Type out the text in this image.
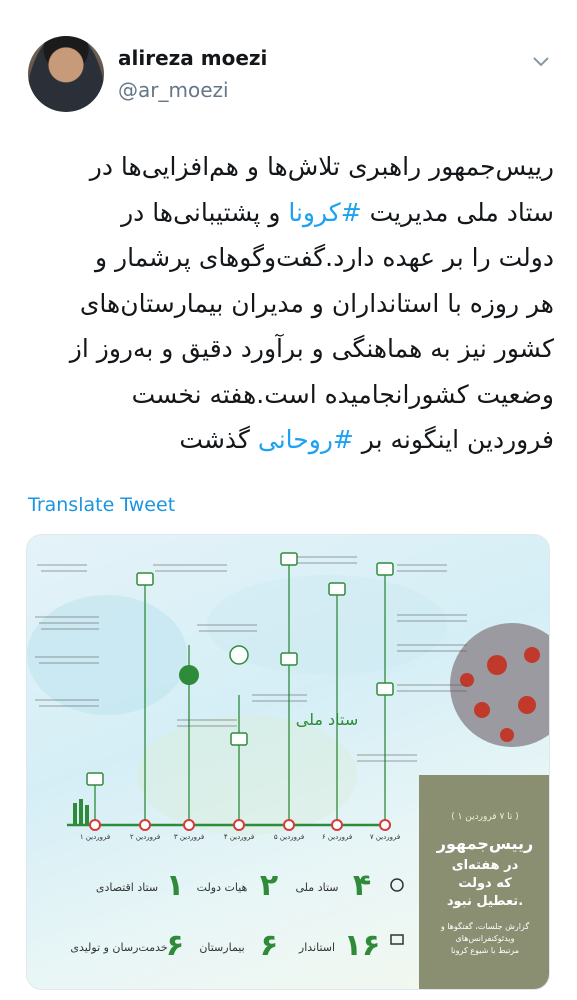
alireza moezi
@ar_moezi
رییس‌جمهور راهبری تلاش‌ها و هم‌افزایی‌ها در
ستاد ملی مدیریت #کرونا و پشتیبانی‌ها در
دولت را بر عهده دارد.گفت‌وگوهای پرشمار و
هر روزه با استانداران و مدیران بیمارستان‌های
کشور نیز به هماهنگی و برآورد دقیق و به‌روز از
وضعیت کشورانجامیده است.هفته نخست
فروردین اینگونه بر #روحانی گذشت
Translate Tweet
ستاد ملی
۱ فروردین	۲ فروردین ۳ فروردین	۴ فروردین	۵ فروردین	۶ فروردین	۷ فروردین
( ۱ تا ۷ فروردین )
رییس‌جمهور
در هفته‌ای
که دولت
تعطیل نبود.
گزارش جلسات، گفتگوها و
ویدئوکنفرانس‌های
مرتبط با شیوع کرونا
۴
ستاد ملی
۲
هیات دولت
۱
ستاد اقتصادی
۱۶
استاندار
۶
بیمارستان
۶
خدمت‌رسان و تولیدی
